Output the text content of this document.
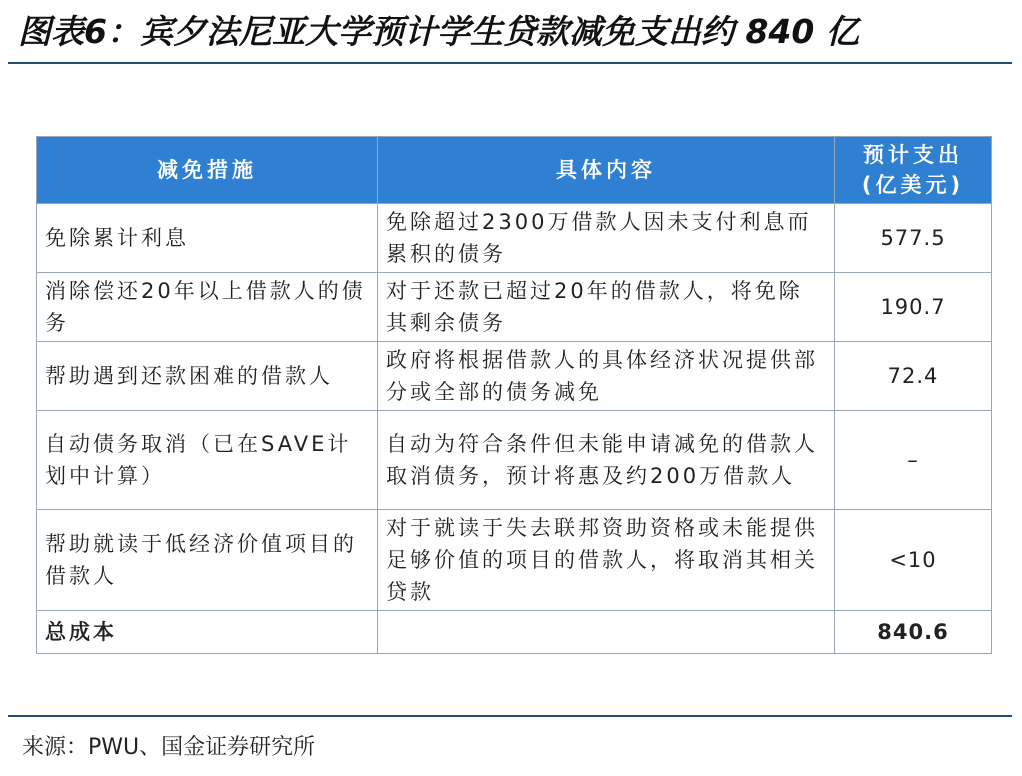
图表6：宾夕法尼亚大学预计学生贷款减免支出约 840 亿
减免措施	具体内容	预计支出
(亿美元)

免除累计利息	免除超过2300万借款人因未支付利息而累积的债务	577.5
消除偿还20年以上借款人的债务	对于还款已超过20年的借款人，将免除其剩余债务	190.7
帮助遇到还款困难的借款人	政府将根据借款人的具体经济状况提供部分或全部的债务减免	72.4
自动债务取消（已在SAVE计划中计算）	自动为符合条件但未能申请减免的借款人取消债务，预计将惠及约200万借款人	–
帮助就读于低经济价值项目的借款人	对于就读于失去联邦资助资格或未能提供足够价值的项目的借款人，将取消其相关贷款	<10
总成本		840.6
来源：PWU、国金证券研究所
